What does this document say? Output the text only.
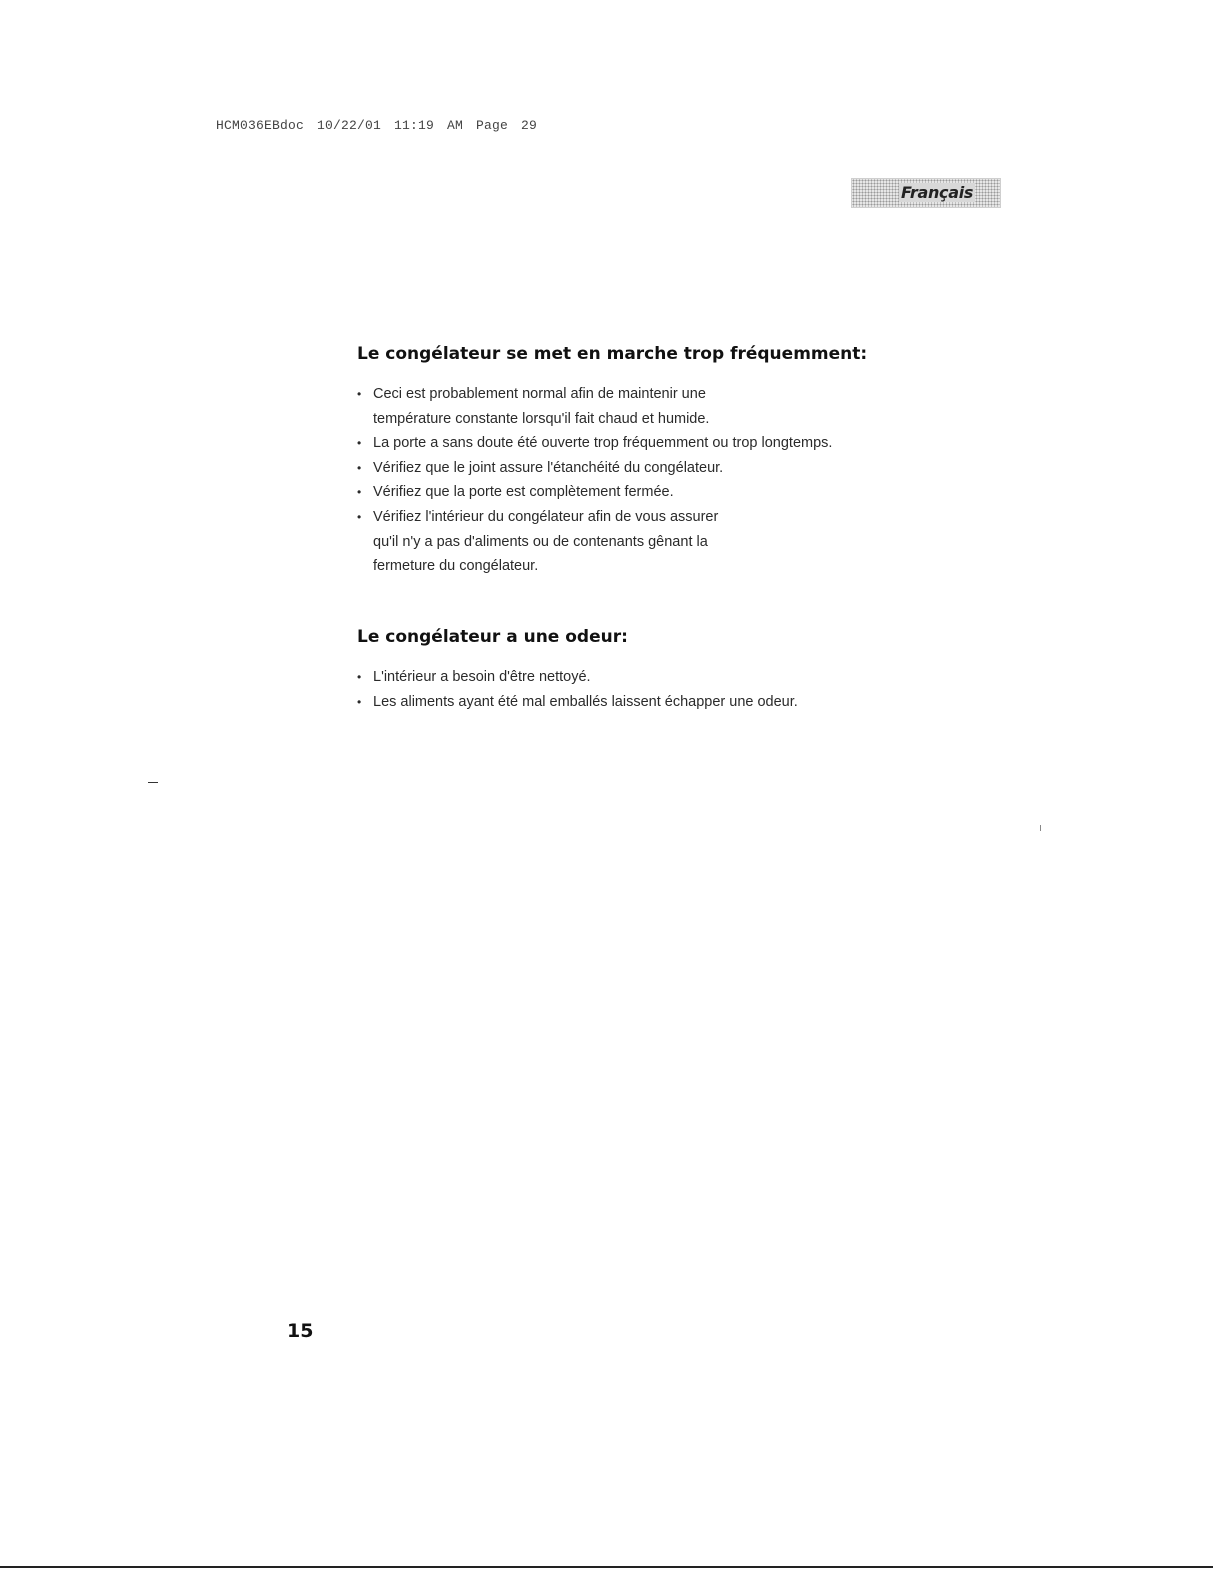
HCM036EBdoc 10/22/01 11:19 AM Page 29
Français
Le congélateur se met en marche trop fréquemment:
• Ceci est probablement normal afin de maintenir une
température constante lorsqu'il fait chaud et humide.
• La porte a sans doute été ouverte trop fréquemment ou trop longtemps.
• Vérifiez que le joint assure l'étanchéité du congélateur.
• Vérifiez que la porte est complètement fermée.
• Vérifiez l'intérieur du congélateur afin de vous assurer
qu'il n'y a pas d'aliments ou de contenants gênant la
fermeture du congélateur.
Le congélateur a une odeur:
• L'intérieur a besoin d'être nettoyé.
• Les aliments ayant été mal emballés laissent échapper une odeur.
15
